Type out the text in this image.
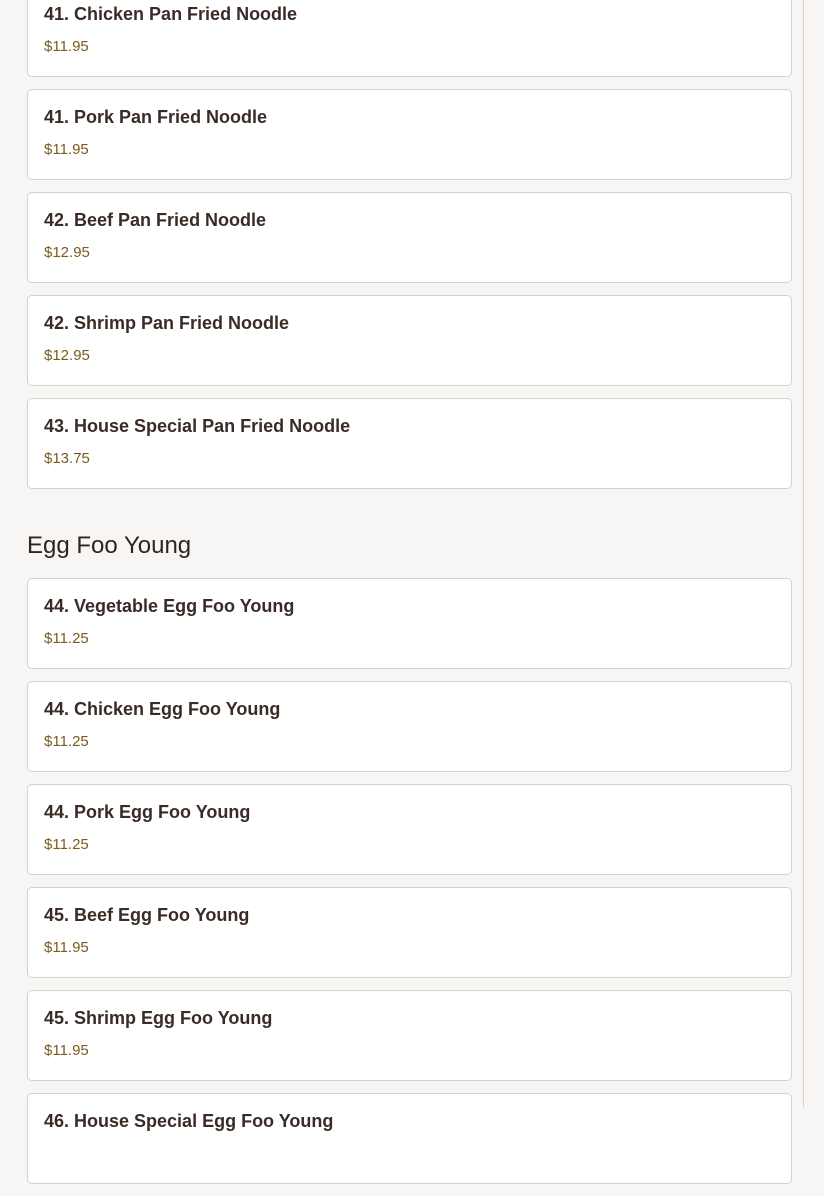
41. Chicken Pan Fried Noodle
$11.95
41. Pork Pan Fried Noodle
$11.95
42. Beef Pan Fried Noodle
$12.95
42. Shrimp Pan Fried Noodle
$12.95
43. House Special Pan Fried Noodle
$13.75
Egg Foo Young
44. Vegetable Egg Foo Young
$11.25
44. Chicken Egg Foo Young
$11.25
44. Pork Egg Foo Young
$11.25
45. Beef Egg Foo Young
$11.95
45. Shrimp Egg Foo Young
$11.95
46. House Special Egg Foo Young
